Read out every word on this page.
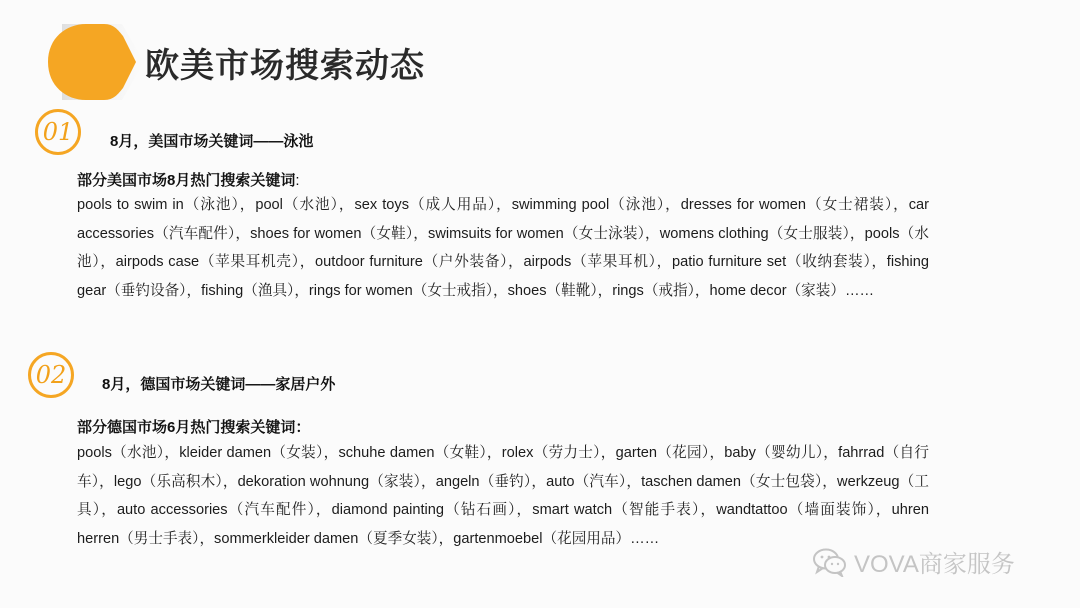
欧美市场搜索动态
01	8月，美国市场关键词——泳池
部分美国市场8月热门搜索关键词:
pools to swim in（泳池），pool（水池），sex toys（成人用品），swimming pool（泳池），dresses for women（女士裙装），car accessories（汽车配件），shoes for women（女鞋），swimsuits for women（女士泳装），womens clothing（女士服装），pools（水池），airpods case（苹果耳机壳），outdoor furniture（户外装备），airpods（苹果耳机），patio furniture set（收纳套装），fishing gear（垂钓设备），fishing（渔具），rings for women（女士戒指），shoes（鞋靴），rings（戒指），home decor（家装）……
02	8月，德国市场关键词——家居户外
部分德国市场6月热门搜索关键词：
pools（水池），kleider damen（女装），schuhe damen（女鞋），rolex（劳力士），garten（花园），baby（婴幼儿），fahrrad（自行车），lego（乐高积木），dekoration wohnung（家装），angeln（垂钓），auto（汽车），taschen damen（女士包袋），werkzeug（工具），auto accessories（汽车配件），diamond painting（钻石画），smart watch（智能手表），wandtattoo（墙面装饰），uhren herren（男士手表），sommerkleider damen（夏季女装），gartenmoebel（花园用品）……
VOVA商家服务
